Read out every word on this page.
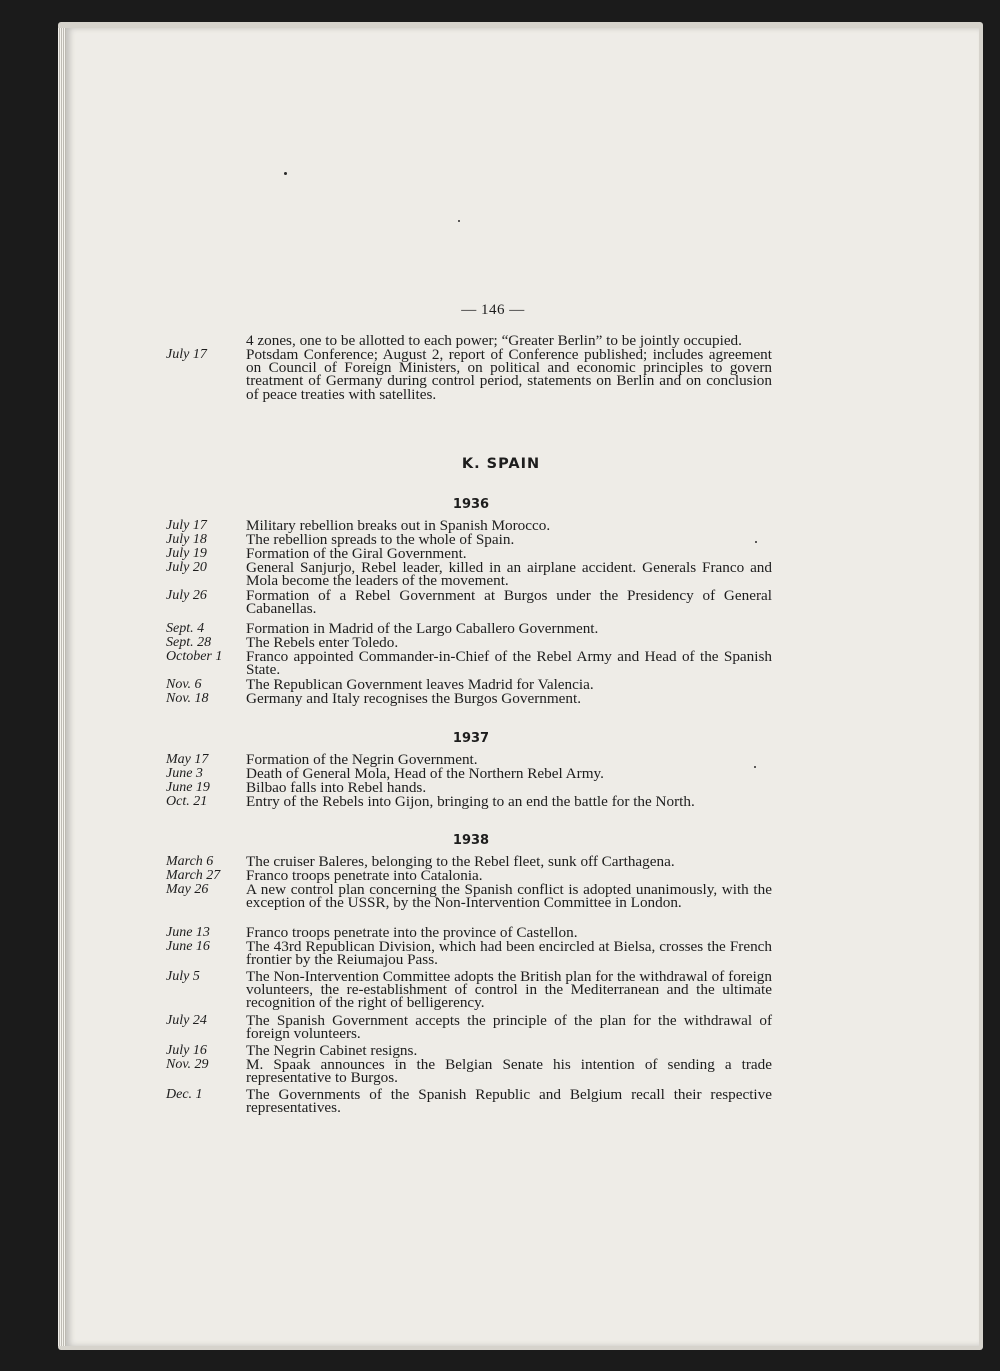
— 146 —
4 zones, one to be allotted to each power; “Greater Berlin” to be jointly occupied.
July 17	Potsdam Conference; August 2, report of Conference published; includes agreement on Council of Foreign Ministers, on political and economic principles to govern treatment of Germany during control period, statements on Berlin and on conclusion of peace treaties with satellites.
K. SPAIN
1936
July 17	Military rebellion breaks out in Spanish Morocco.
July 18	The rebellion spreads to the whole of Spain.
July 19	Formation of the Giral Government.
July 20	General Sanjurjo, Rebel leader, killed in an airplane accident. Generals Franco and Mola become the leaders of the movement.
July 26	Formation of a Rebel Government at Burgos under the Presidency of General Cabanellas.
Sept. 4	Formation in Madrid of the Largo Caballero Government.
Sept. 28	The Rebels enter Toledo.
October 1	Franco appointed Commander-in-Chief of the Rebel Army and Head of the Spanish State.
Nov. 6	The Republican Government leaves Madrid for Valencia.
Nov. 18	Germany and Italy recognises the Burgos Government.
1937
May 17	Formation of the Negrin Government.
June 3	Death of General Mola, Head of the Northern Rebel Army.
June 19	Bilbao falls into Rebel hands.
Oct. 21	Entry of the Rebels into Gijon, bringing to an end the battle for the North.
1938
March 6	The cruiser Baleres, belonging to the Rebel fleet, sunk off Carthagena.
March 27	Franco troops penetrate into Catalonia.
May 26	A new control plan concerning the Spanish conflict is adopted unanimously, with the exception of the USSR, by the Non-Intervention Committee in London.
June 13	Franco troops penetrate into the province of Castellon.
June 16	The 43rd Republican Division, which had been encircled at Bielsa, crosses the French frontier by the Reiumajou Pass.
July 5	The Non-Intervention Committee adopts the British plan for the withdrawal of foreign volunteers, the re-establishment of control in the Mediterranean and the ultimate recognition of the right of belligerency.
July 24	The Spanish Government accepts the principle of the plan for the withdrawal of foreign volunteers.
July 16	The Negrin Cabinet resigns.
Nov. 29	M. Spaak announces in the Belgian Senate his intention of sending a trade representative to Burgos.
Dec. 1	The Governments of the Spanish Republic and Belgium recall their respective representatives.
